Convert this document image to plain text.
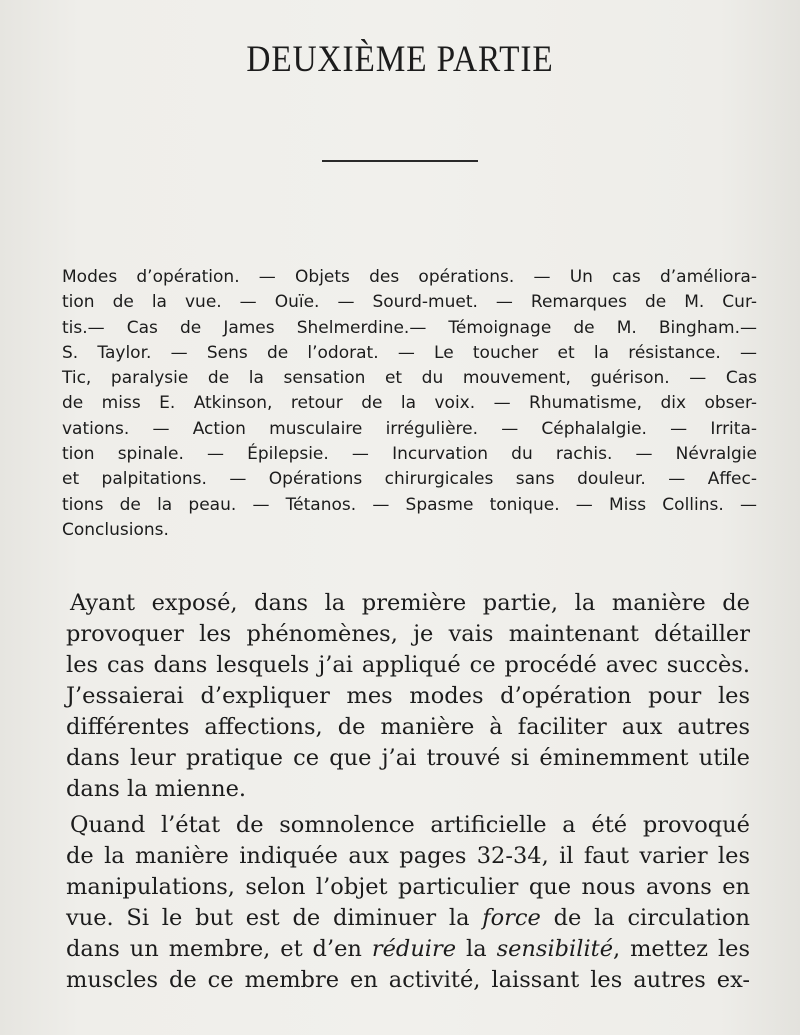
DEUXIÈME PARTIE
Modes d’opération. — Objets des opérations. — Un cas d’améliora-
tion de la vue. — Ouïe. — Sourd-muet. — Remarques de M. Cur-
tis.— Cas de James Shelmerdine.— Témoignage de M. Bingham.—
S. Taylor. — Sens de l’odorat. — Le toucher et la résistance. —
Tic, paralysie de la sensation et du mouvement, guérison. — Cas
de miss E. Atkinson, retour de la voix. — Rhumatisme, dix obser-
vations. — Action musculaire irrégulière. — Céphalalgie. — Irrita-
tion spinale. — Épilepsie. — Incurvation du rachis. — Névralgie
et palpitations. — Opérations chirurgicales sans douleur. — Affec-
tions de la peau. — Tétanos. — Spasme tonique. — Miss Collins. —
Conclusions.
Ayant exposé, dans la première partie, la manière de
provoquer les phénomènes, je vais maintenant détailler
les cas dans lesquels j’ai appliqué ce procédé avec succès.
J’essaierai d’expliquer mes modes d’opération pour les
différentes affections, de manière à faciliter aux autres
dans leur pratique ce que j’ai trouvé si éminemment utile
dans la mienne.
Quand l’état de somnolence artificielle a été provoqué
de la manière indiquée aux pages 32-34, il faut varier les
manipulations, selon l’objet particulier que nous avons en
vue. Si le but est de diminuer la force de la circulation
dans un membre, et d’en réduire la sensibilité, mettez les
muscles de ce membre en activité, laissant les autres ex-
